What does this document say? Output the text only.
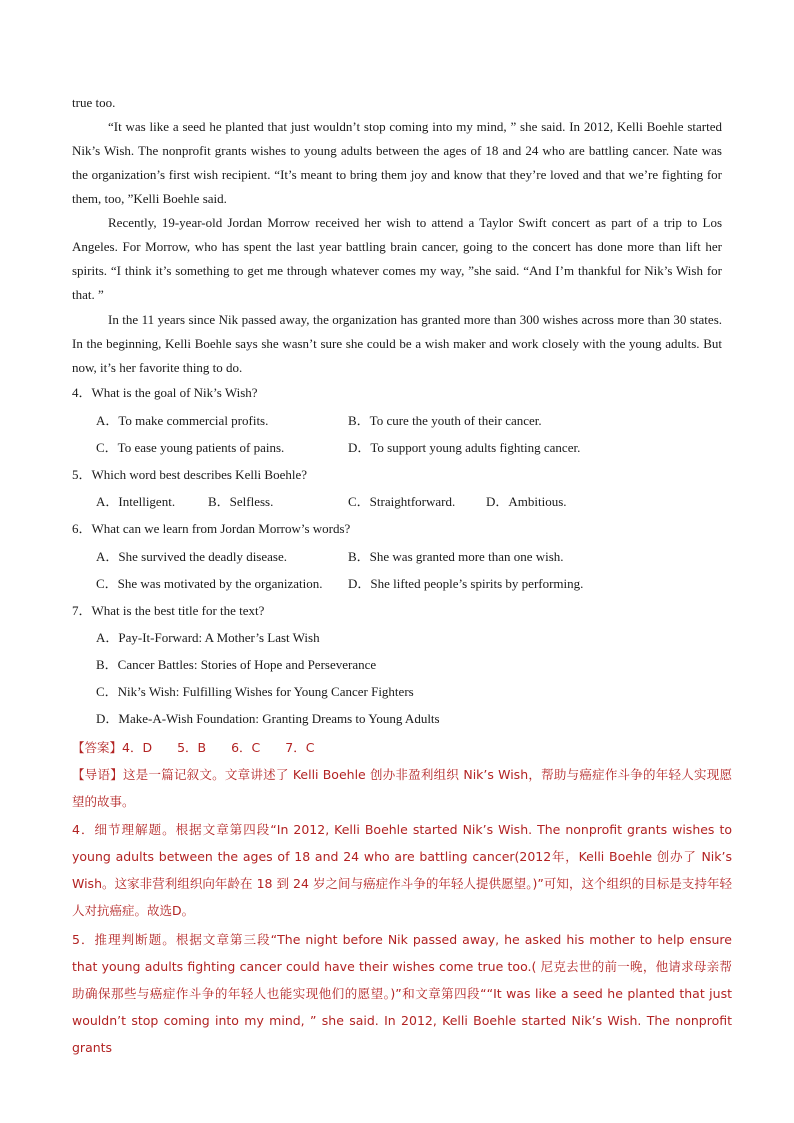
true too.

“It was like a seed he planted that just wouldn’t stop coming into my mind, ” she said. In 2012, Kelli Boehle started Nik’s Wish. The nonprofit grants wishes to young adults between the ages of 18 and 24 who are battling cancer. Nate was the organization’s first wish recipient. “It’s meant to bring them joy and know that they’re loved and that we’re fighting for them, too, ”Kelli Boehle said.

Recently, 19-year-old Jordan Morrow received her wish to attend a Taylor Swift concert as part of a trip to Los Angeles. For Morrow, who has spent the last year battling brain cancer, going to the concert has done more than lift her spirits. “I think it’s something to get me through whatever comes my way, ”she said. “And I’m thankful for Nik’s Wish for that. ”

In the 11 years since Nik passed away, the organization has granted more than 300 wishes across more than 30 states. In the beginning, Kelli Boehle says she wasn’t sure she could be a wish maker and work closely with the young adults. But now, it’s her favorite thing to do.

4．What is the goal of Nik’s Wish?

A．To make commercial profits.	B．To cure the youth of their cancer.

C．To ease young patients of pains.	D．To support young adults fighting cancer.

5．Which word best describes Kelli Boehle?

A．Intelligent.	B．Selfless.	C．Straightforward. D．Ambitious.

6．What can we learn from Jordan Morrow’s words?

A．She survived the deadly disease.	B．She was granted more than one wish.

C．She was motivated by the organization. D．She lifted people’s spirits by performing.

7．What is the best title for the text?

A．Pay-It-Forward: A Mother’s Last Wish

B．Cancer Battles: Stories of Hope and Perseverance

C．Nik’s Wish: Fulfilling Wishes for Young Cancer Fighters

D．Make-A-Wish Foundation: Granting Dreams to Young Adults

【答案】4．D　　5．B　　6．C　　7．C

【导语】这是一篇记叙文。文章讲述了 Kelli Boehle 创办非盈利组织 Nik’s Wish，帮助与癌症作斗争的年轻人实现愿望的故事。

4．细节理解题。根据文章第四段“In 2012, Kelli Boehle started Nik’s Wish. The nonprofit grants wishes to young adults between the ages of 18 and 24 who are battling cancer(2012年，Kelli Boehle 创办了 Nik’s Wish。这家非营利组织向年龄在 18 到 24 岁之间与癌症作斗争的年轻人提供愿望。)”可知，这个组织的目标是支持年轻人对抗癌症。故选D。

5．推理判断题。根据文章第三段“The night before Nik passed away, he asked his mother to help ensure that young adults fighting cancer could have their wishes come true too.( 尼克去世的前一晚，他请求母亲帮助确保那些与癌症作斗争的年轻人也能实现他们的愿望。)”和文章第四段““It was like a seed he planted that just wouldn’t stop coming into my mind, ” she said. In 2012, Kelli Boehle started Nik’s Wish. The nonprofit grants
